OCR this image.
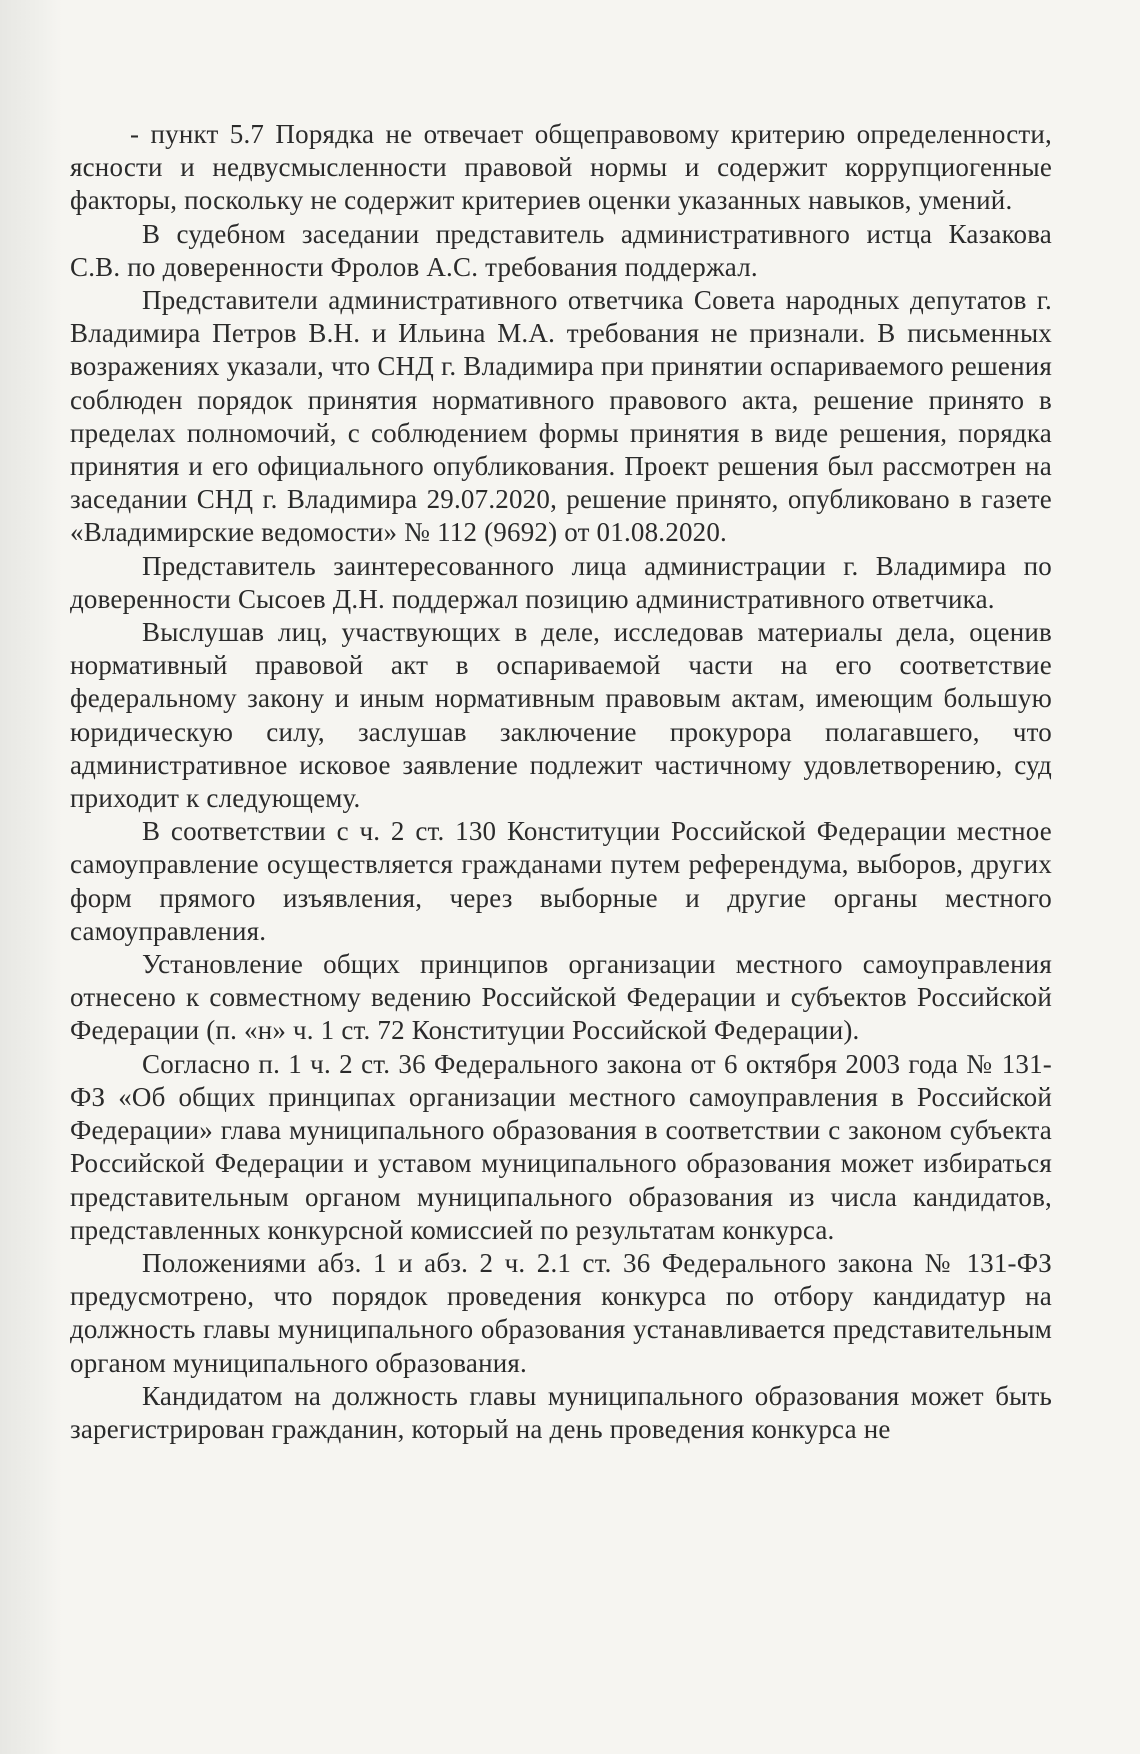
- пункт 5.7 Порядка не отвечает общеправовому критерию определенности, ясности и недвусмысленности правовой нормы и содержит коррупциогенные факторы, поскольку не содержит критериев оценки указанных навыков, умений.

В судебном заседании представитель административного истца Казакова С.В. по доверенности Фролов А.С. требования поддержал.

Представители административного ответчика Совета народных депутатов г. Владимира Петров В.Н. и Ильина М.А. требования не признали. В письменных возражениях указали, что СНД г. Владимира при принятии оспариваемого решения соблюден порядок принятия нормативного правового акта, решение принято в пределах полномочий, с соблюдением формы принятия в виде решения, порядка принятия и его официального опубликования. Проект решения был рассмотрен на заседании СНД г. Владимира 29.07.2020, решение принято, опубликовано в газете «Владимирские ведомости» № 112 (9692) от 01.08.2020.

Представитель заинтересованного лица администрации г. Владимира по доверенности Сысоев Д.Н. поддержал позицию административного ответчика.

Выслушав лиц, участвующих в деле, исследовав материалы дела, оценив нормативный правовой акт в оспариваемой части на его соответствие федеральному закону и иным нормативным правовым актам, имеющим большую юридическую силу, заслушав заключение прокурора полагавшего, что административное исковое заявление подлежит частичному удовлетворению, суд приходит к следующему.

В соответствии с ч. 2 ст. 130 Конституции Российской Федерации местное самоуправление осуществляется гражданами путем референдума, выборов, других форм прямого изъявления, через выборные и другие органы местного самоуправления.

Установление общих принципов организации местного самоуправления отнесено к совместному ведению Российской Федерации и субъектов Российской Федерации (п. «н» ч. 1 ст. 72 Конституции Российской Федерации).

Согласно п. 1 ч. 2 ст. 36 Федерального закона от 6 октября 2003 года № 131-ФЗ «Об общих принципах организации местного самоуправления в Российской Федерации» глава муниципального образования в соответствии с законом субъекта Российской Федерации и уставом муниципального образования может избираться представительным органом муниципального образования из числа кандидатов, представленных конкурсной комиссией по результатам конкурса.

Положениями абз. 1 и абз. 2 ч. 2.1 ст. 36 Федерального закона № 131-ФЗ предусмотрено, что порядок проведения конкурса по отбору кандидатур на должность главы муниципального образования устанавливается представительным органом муниципального образования.

Кандидатом на должность главы муниципального образования может быть зарегистрирован гражданин, который на день проведения конкурса не
